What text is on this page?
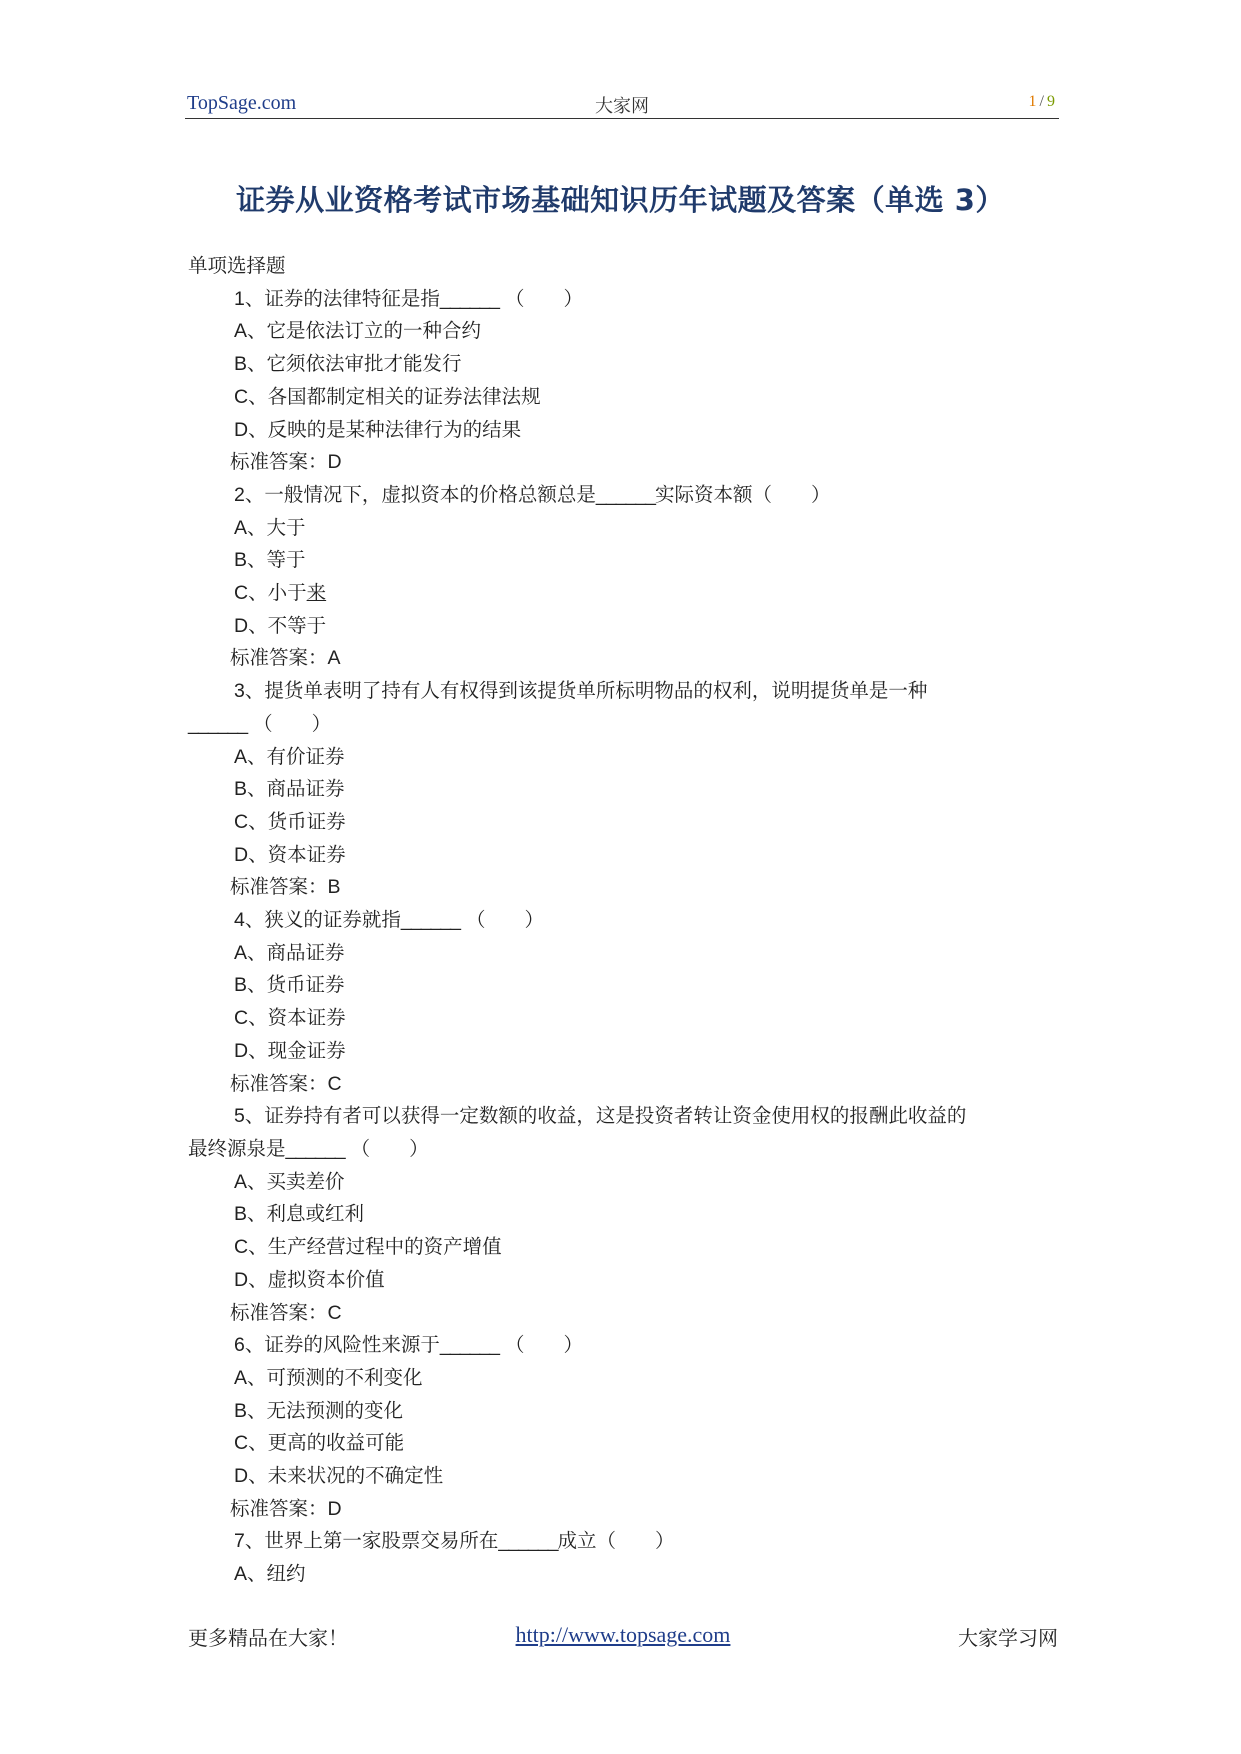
TopSage.com	大家网	1 / 9
证券从业资格考试市场基础知识历年试题及答案（单选 3）
单项选择题
1、证券的法律特征是指______ （　　）
A、它是依法订立的一种合约
B、它须依法审批才能发行
C、各国都制定相关的证券法律法规
D、反映的是某种法律行为的结果
标准答案：D
2、一般情况下，虚拟资本的价格总额总是______实际资本额（　　）
A、大于
B、等于
C、小于来
D、不等于
标准答案：A
3、提货单表明了持有人有权得到该提货单所标明物品的权利，说明提货单是一种
______ （　　）
A、有价证券
B、商品证券
C、货币证券
D、资本证券
标准答案：B
4、狭义的证券就指______ （　　）
A、商品证券
B、货币证券
C、资本证券
D、现金证券
标准答案：C
5、证券持有者可以获得一定数额的收益，这是投资者转让资金使用权的报酬此收益的
最终源泉是______ （　　）
A、买卖差价
B、利息或红利
C、生产经营过程中的资产增值
D、虚拟资本价值
标准答案：C
6、证券的风险性来源于______ （　　）
A、可预测的不利变化
B、无法预测的变化
C、更高的收益可能
D、未来状况的不确定性
标准答案：D
7、世界上第一家股票交易所在______成立（　　）
A、纽约
更多精品在大家！	http://www.topsage.com	大家学习网
